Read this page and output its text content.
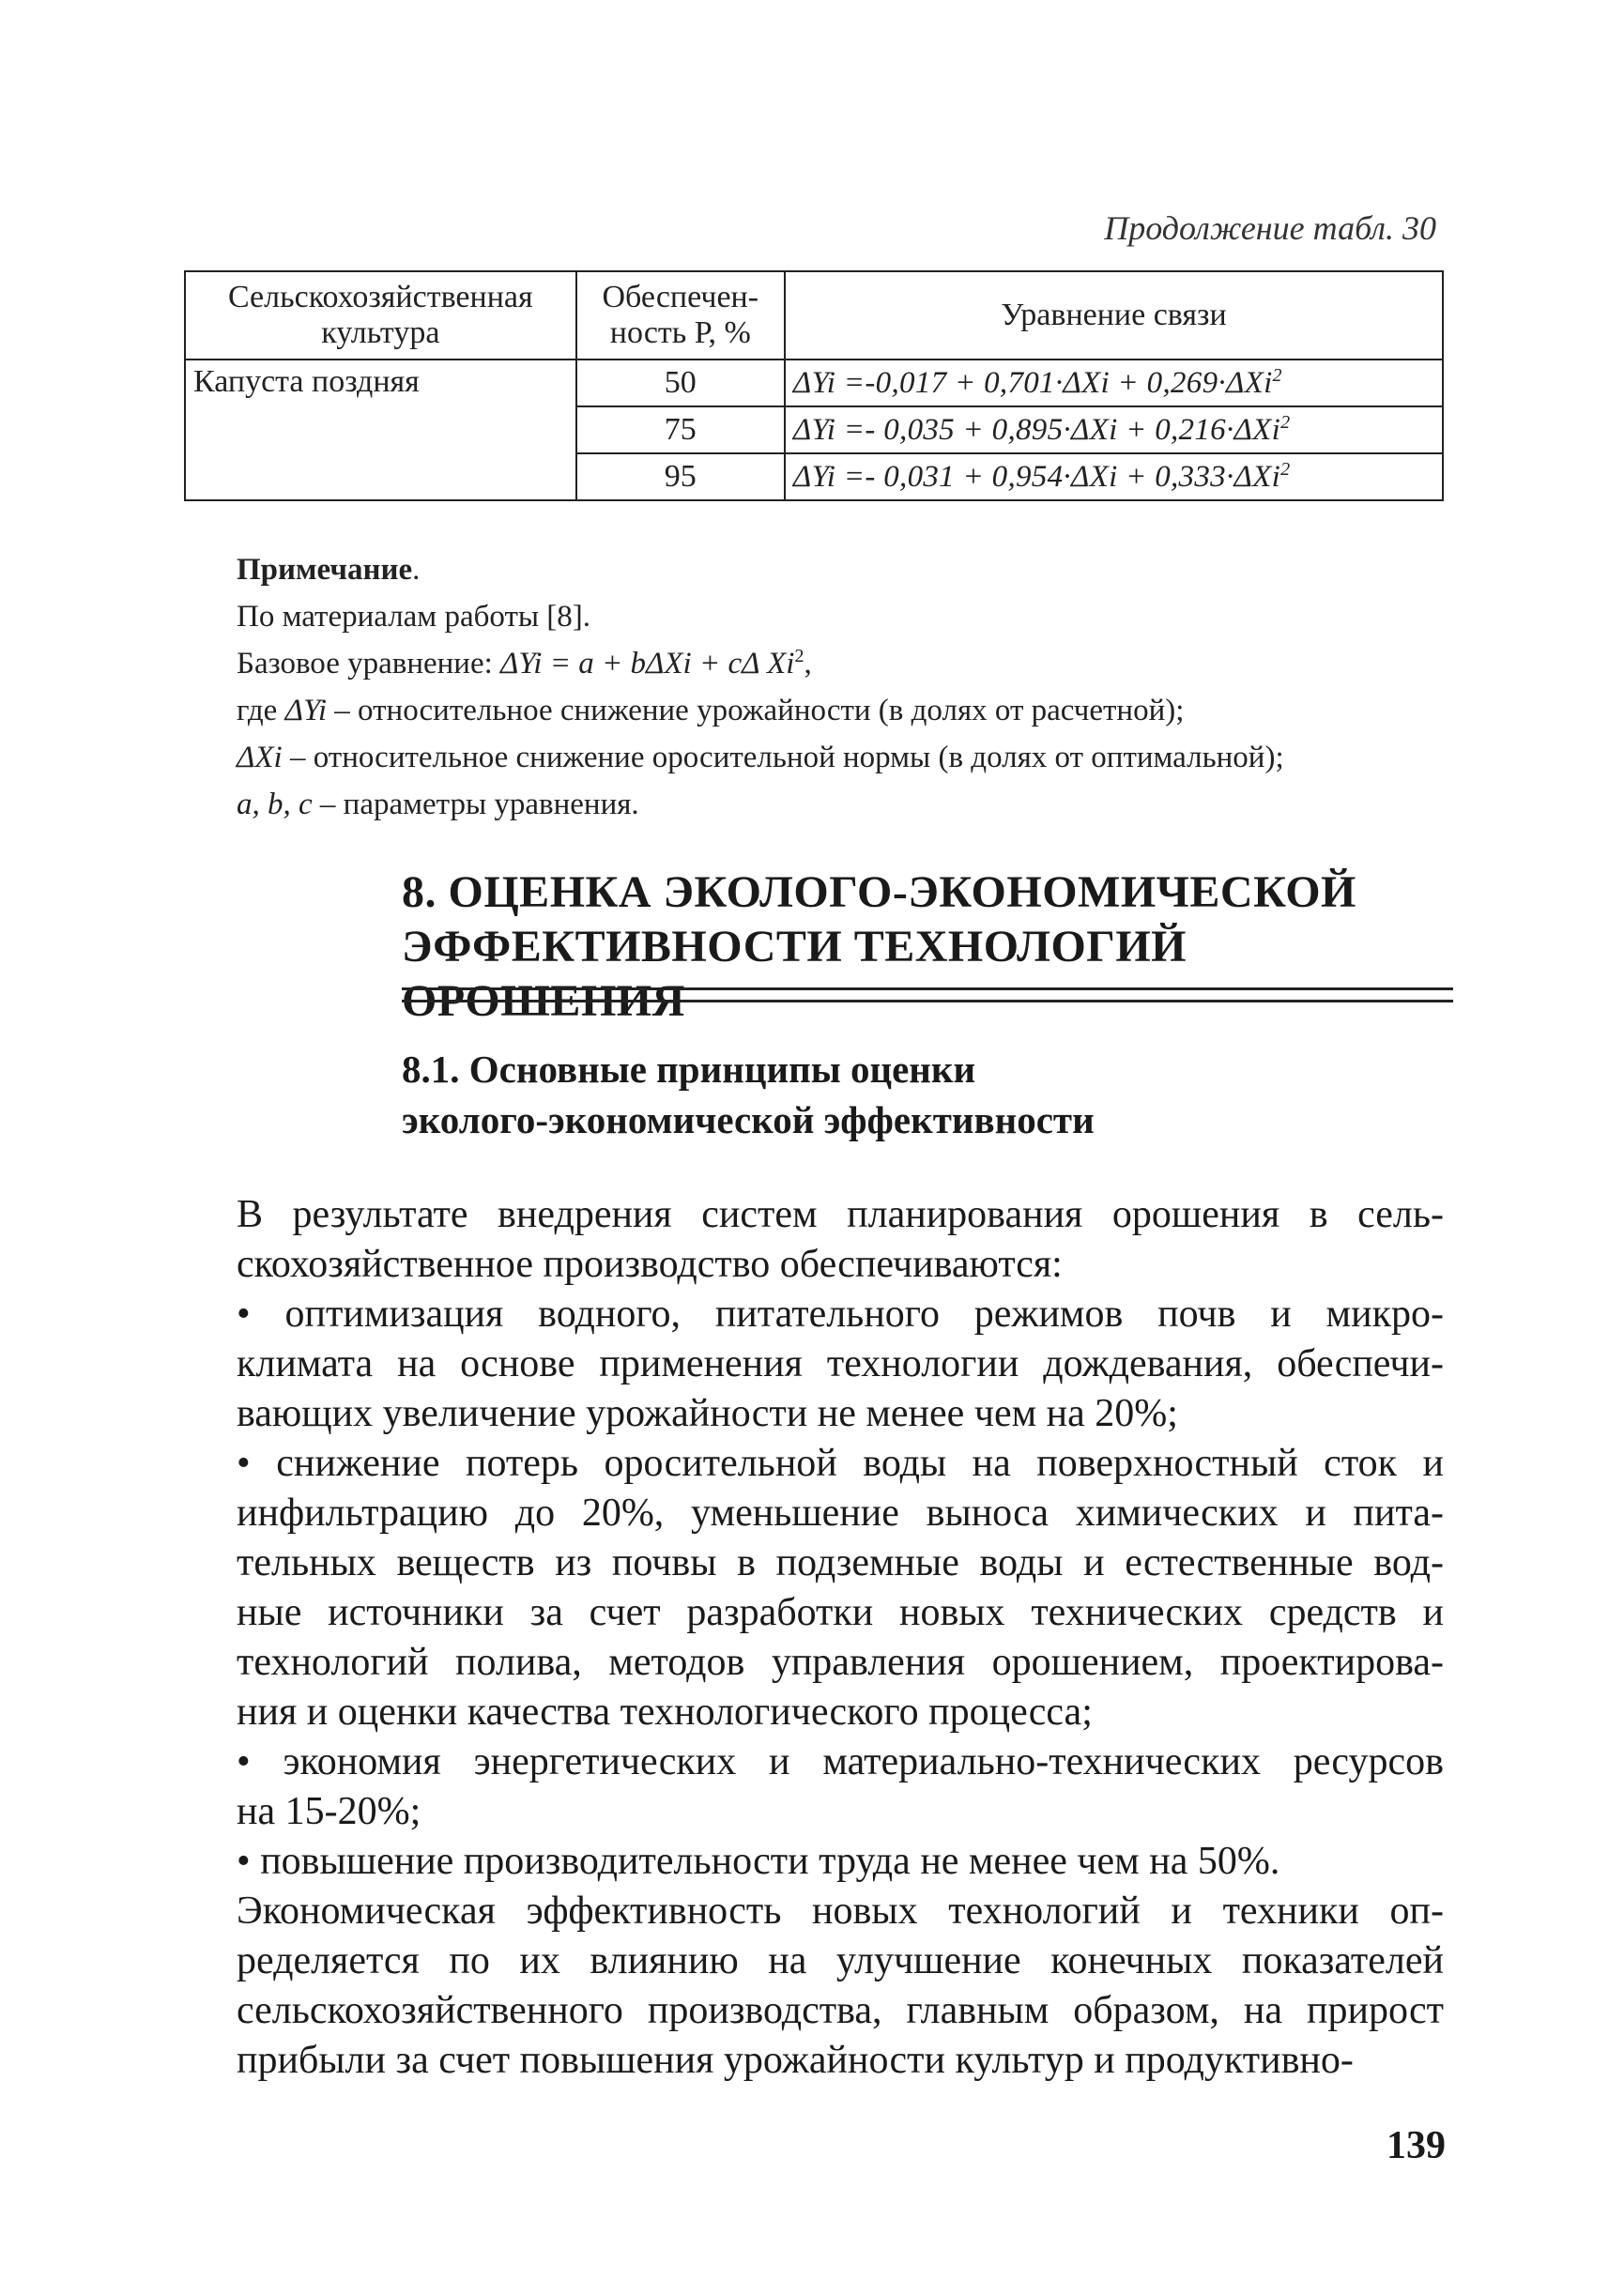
Продолжение табл. 30
Сельскохозяйственная культура	Обеспечен-ность Р, %	Уравнение связи
Капуста поздняя	50	ΔYi =-0,017 + 0,701·ΔXi + 0,269·ΔXi$^2$
	75	ΔYi =- 0,035 + 0,895·ΔXi + 0,216·ΔXi$^2$
	95	ΔYi =- 0,031 + 0,954·ΔXi + 0,333·ΔXi$^2$
Примечание.
По материалам работы [8].
Базовое уравнение: ΔYi = a + bΔXi + cΔ Xi$^2$,
где ΔYi – относительное снижение урожайности (в долях от расчетной);
ΔXi – относительное снижение оросительной нормы (в долях от оптимальной);
a, b, c – параметры уравнения.
8. ОЦЕНКА ЭКОЛОГО-ЭКОНОМИЧЕСКОЙ
ЭФФЕКТИВНОСТИ ТЕХНОЛОГИЙ ОРОШЕНИЯ
8.1. Основные принципы оценки
эколого-экономической эффективности

В результате внедрения систем планирования орошения в сель-
скохозяйственное производство обеспечиваются:

• оптимизация водного, питательного режимов почв и микро-
климата на основе применения технологии дождевания, обеспечи-
вающих увеличение урожайности не менее чем на 20%;

• снижение потерь оросительной воды на поверхностный сток и
инфильтрацию до 20%, уменьшение выноса химических и пита-
тельных веществ из почвы в подземные воды и естественные вод-
ные источники за счет разработки новых технических средств и
технологий полива, методов управления орошением, проектирова-
ния и оценки качества технологического процесса;

• экономия энергетических и материально-технических ресурсов
на 15-20%;

• повышение производительности труда не менее чем на 50%.

Экономическая эффективность новых технологий и техники оп-
ределяется по их влиянию на улучшение конечных показателей
сельскохозяйственного производства, главным образом, на прирост
прибыли за счет повышения урожайности культур и продуктивно-

139
